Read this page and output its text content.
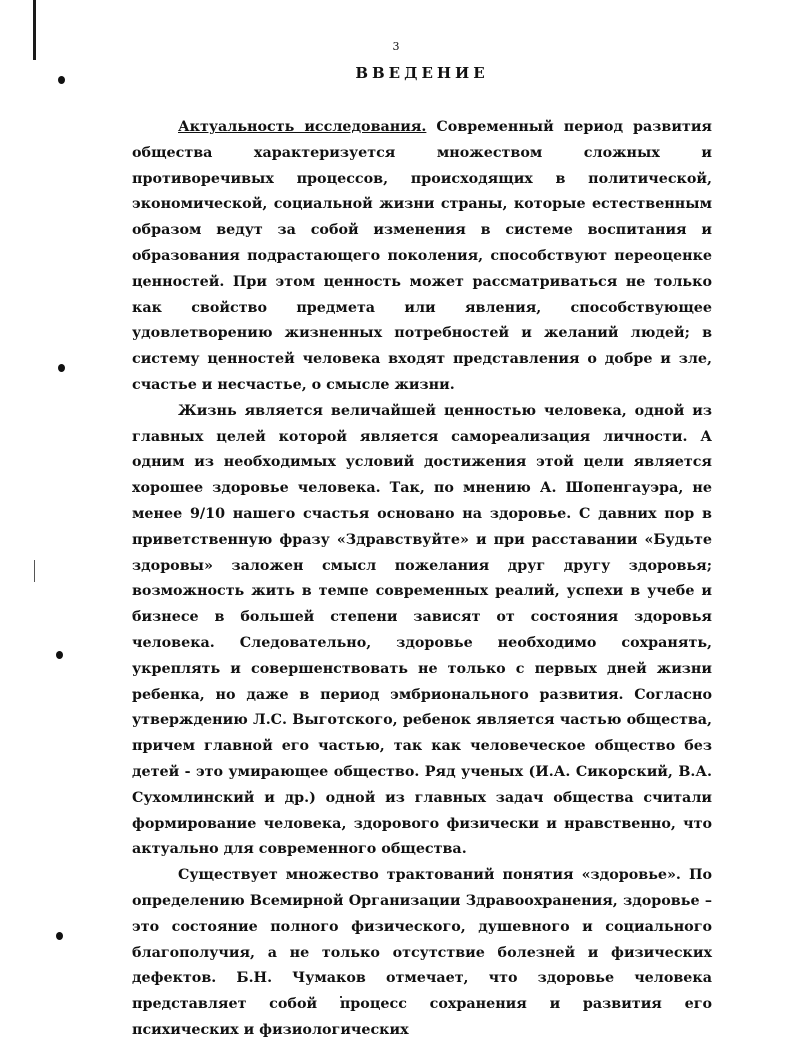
3
ВВЕДЕНИЕ

Актуальность исследования. Современный период развития общества характеризуется множеством сложных и противоречивых процессов, происходящих в политической, экономической, социальной жизни страны, которые естественным образом ведут за собой изменения в системе воспитания и образования подрастающего поколения, способствуют переоценке ценностей. При этом ценность может рассматриваться не только как свойство предмета или явления, способствующее удовлетворению жизненных потребностей и желаний людей; в систему ценностей человека входят представления о добре и зле, счастье и несчастье, о смысле жизни.

Жизнь является величайшей ценностью человека, одной из главных целей которой является самореализация личности. А одним из необходимых условий достижения этой цели является хорошее здоровье человека. Так, по мнению А. Шопенгауэра, не менее 9/10 нашего счастья основано на здоровье. С давних пор в приветственную фразу «Здравствуйте» и при расставании «Будьте здоровы» заложен смысл пожелания друг другу здоровья; возможность жить в темпе современных реалий, успехи в учебе и бизнесе в большей степени зависят от состояния здоровья человека. Следовательно, здоровье необходимо сохранять, укреплять и совершенствовать не только с первых дней жизни ребенка, но даже в период эмбрионального развития. Согласно утверждению Л.С. Выготского, ребенок является частью общества, причем главной его частью, так как человеческое общество без детей - это умирающее общество. Ряд ученых (И.А. Сикорский, В.А. Сухомлинский и др.) одной из главных задач общества считали формирование человека, здорового физически и нравственно, что актуально для современного общества.

Существует множество трактований понятия «здоровье». По определению Всемирной Организации Здравоохранения, здоровье – это состояние полного физического, душевного и социального благополучия, а не только отсутствие болезней и физических дефектов. Б.Н. Чумаков отмечает, что здоровье человека представляет собой процесс сохранения и развития его психических и физиологических
